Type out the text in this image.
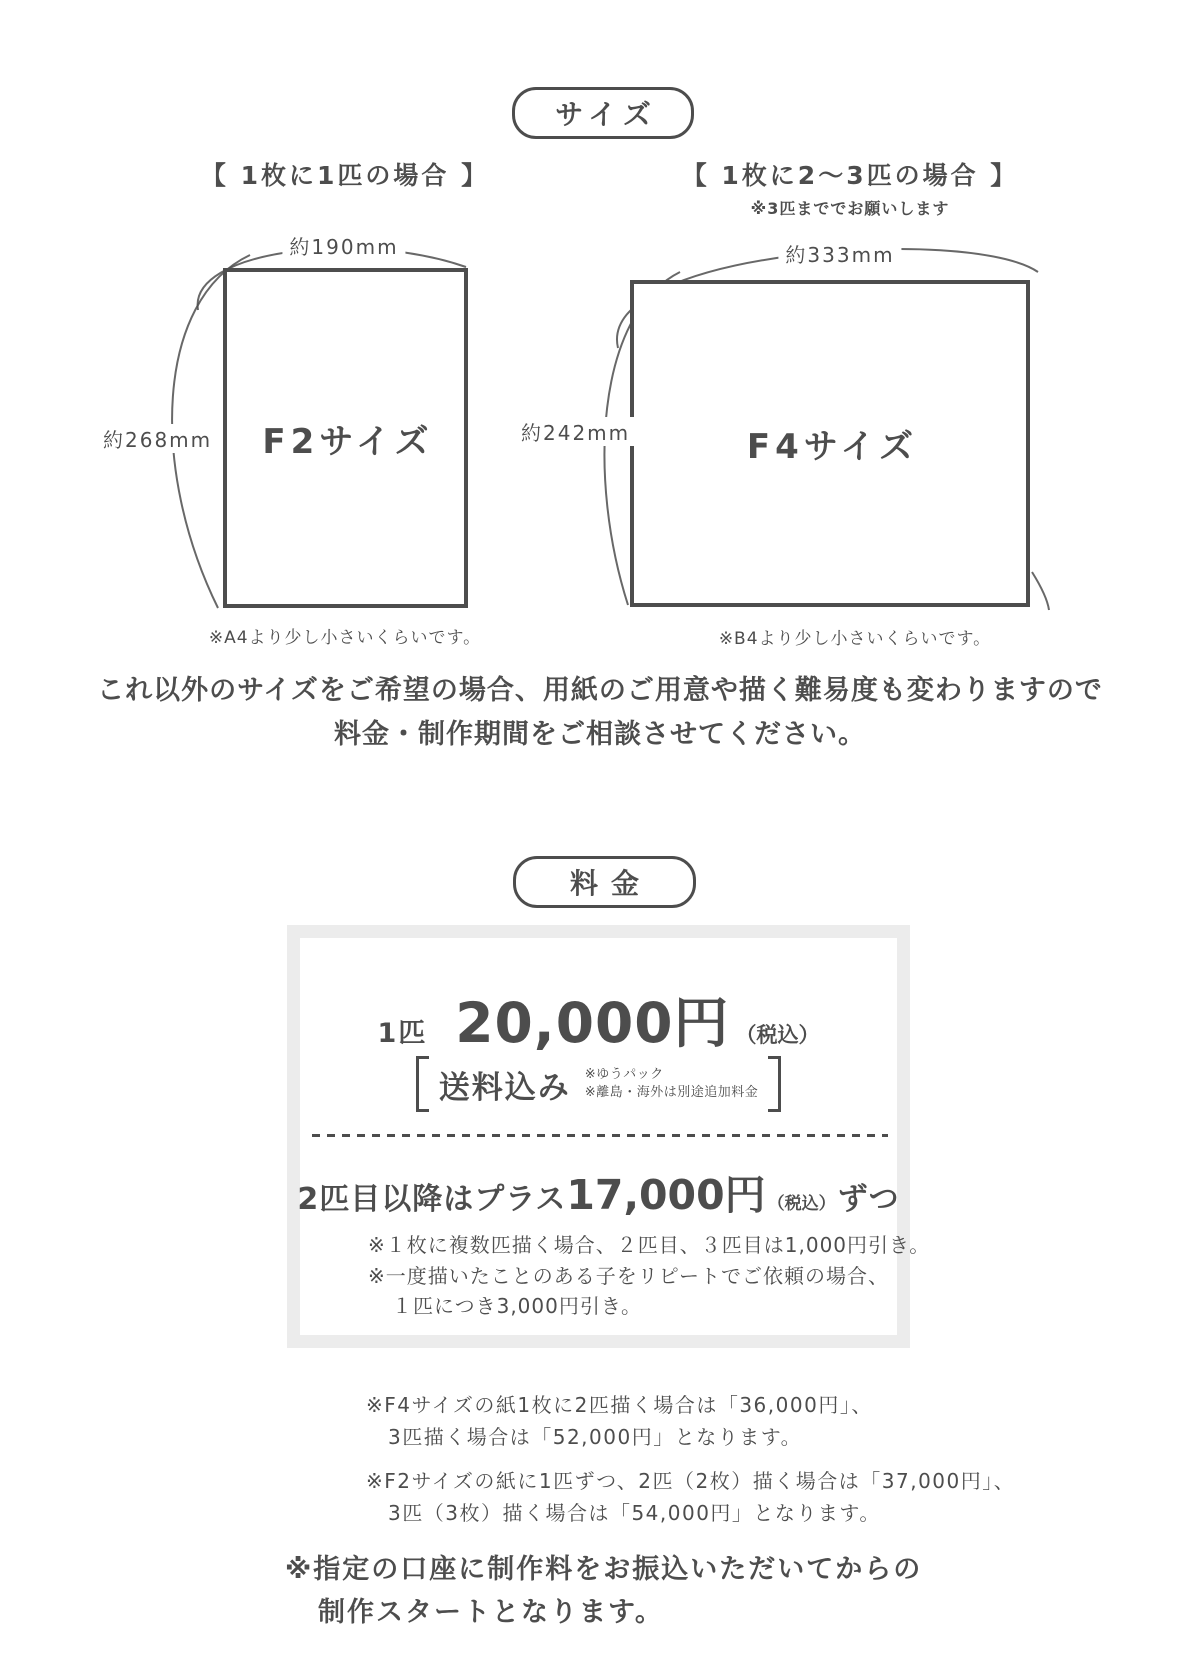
サイズ
【 1枚に1匹の場合 】	【 1枚に2～3匹の場合 】
※3匹まででお願いします
F2サイズ	F4サイズ
約190mm
約268mm
約333mm
約242mm
※A4より少し小さいくらいです。	※B4より少し小さいくらいです。
これ以外のサイズをご希望の場合、用紙のご用意や描く難易度も変わりますので
料金・制作期間をご相談させてください。
料金
1匹 20,000円 （税込）
送料込み ※ゆうパック
※離島・海外は別途追加料金
2匹目以降はプラス 17,000円 （税込） ずつ
※１枚に複数匹描く場合、２匹目、３匹目は1,000円引き。
※一度描いたことのある子をリピートでご依頼の場合、
１匹につき3,000円引き。
※F4サイズの紙1枚に2匹描く場合は「36,000円」、
3匹描く場合は「52,000円」となります。
※F2サイズの紙に1匹ずつ、2匹（2枚）描く場合は「37,000円」、
3匹（3枚）描く場合は「54,000円」となります。
※指定の口座に制作料をお振込いただいてからの
制作スタートとなります。
